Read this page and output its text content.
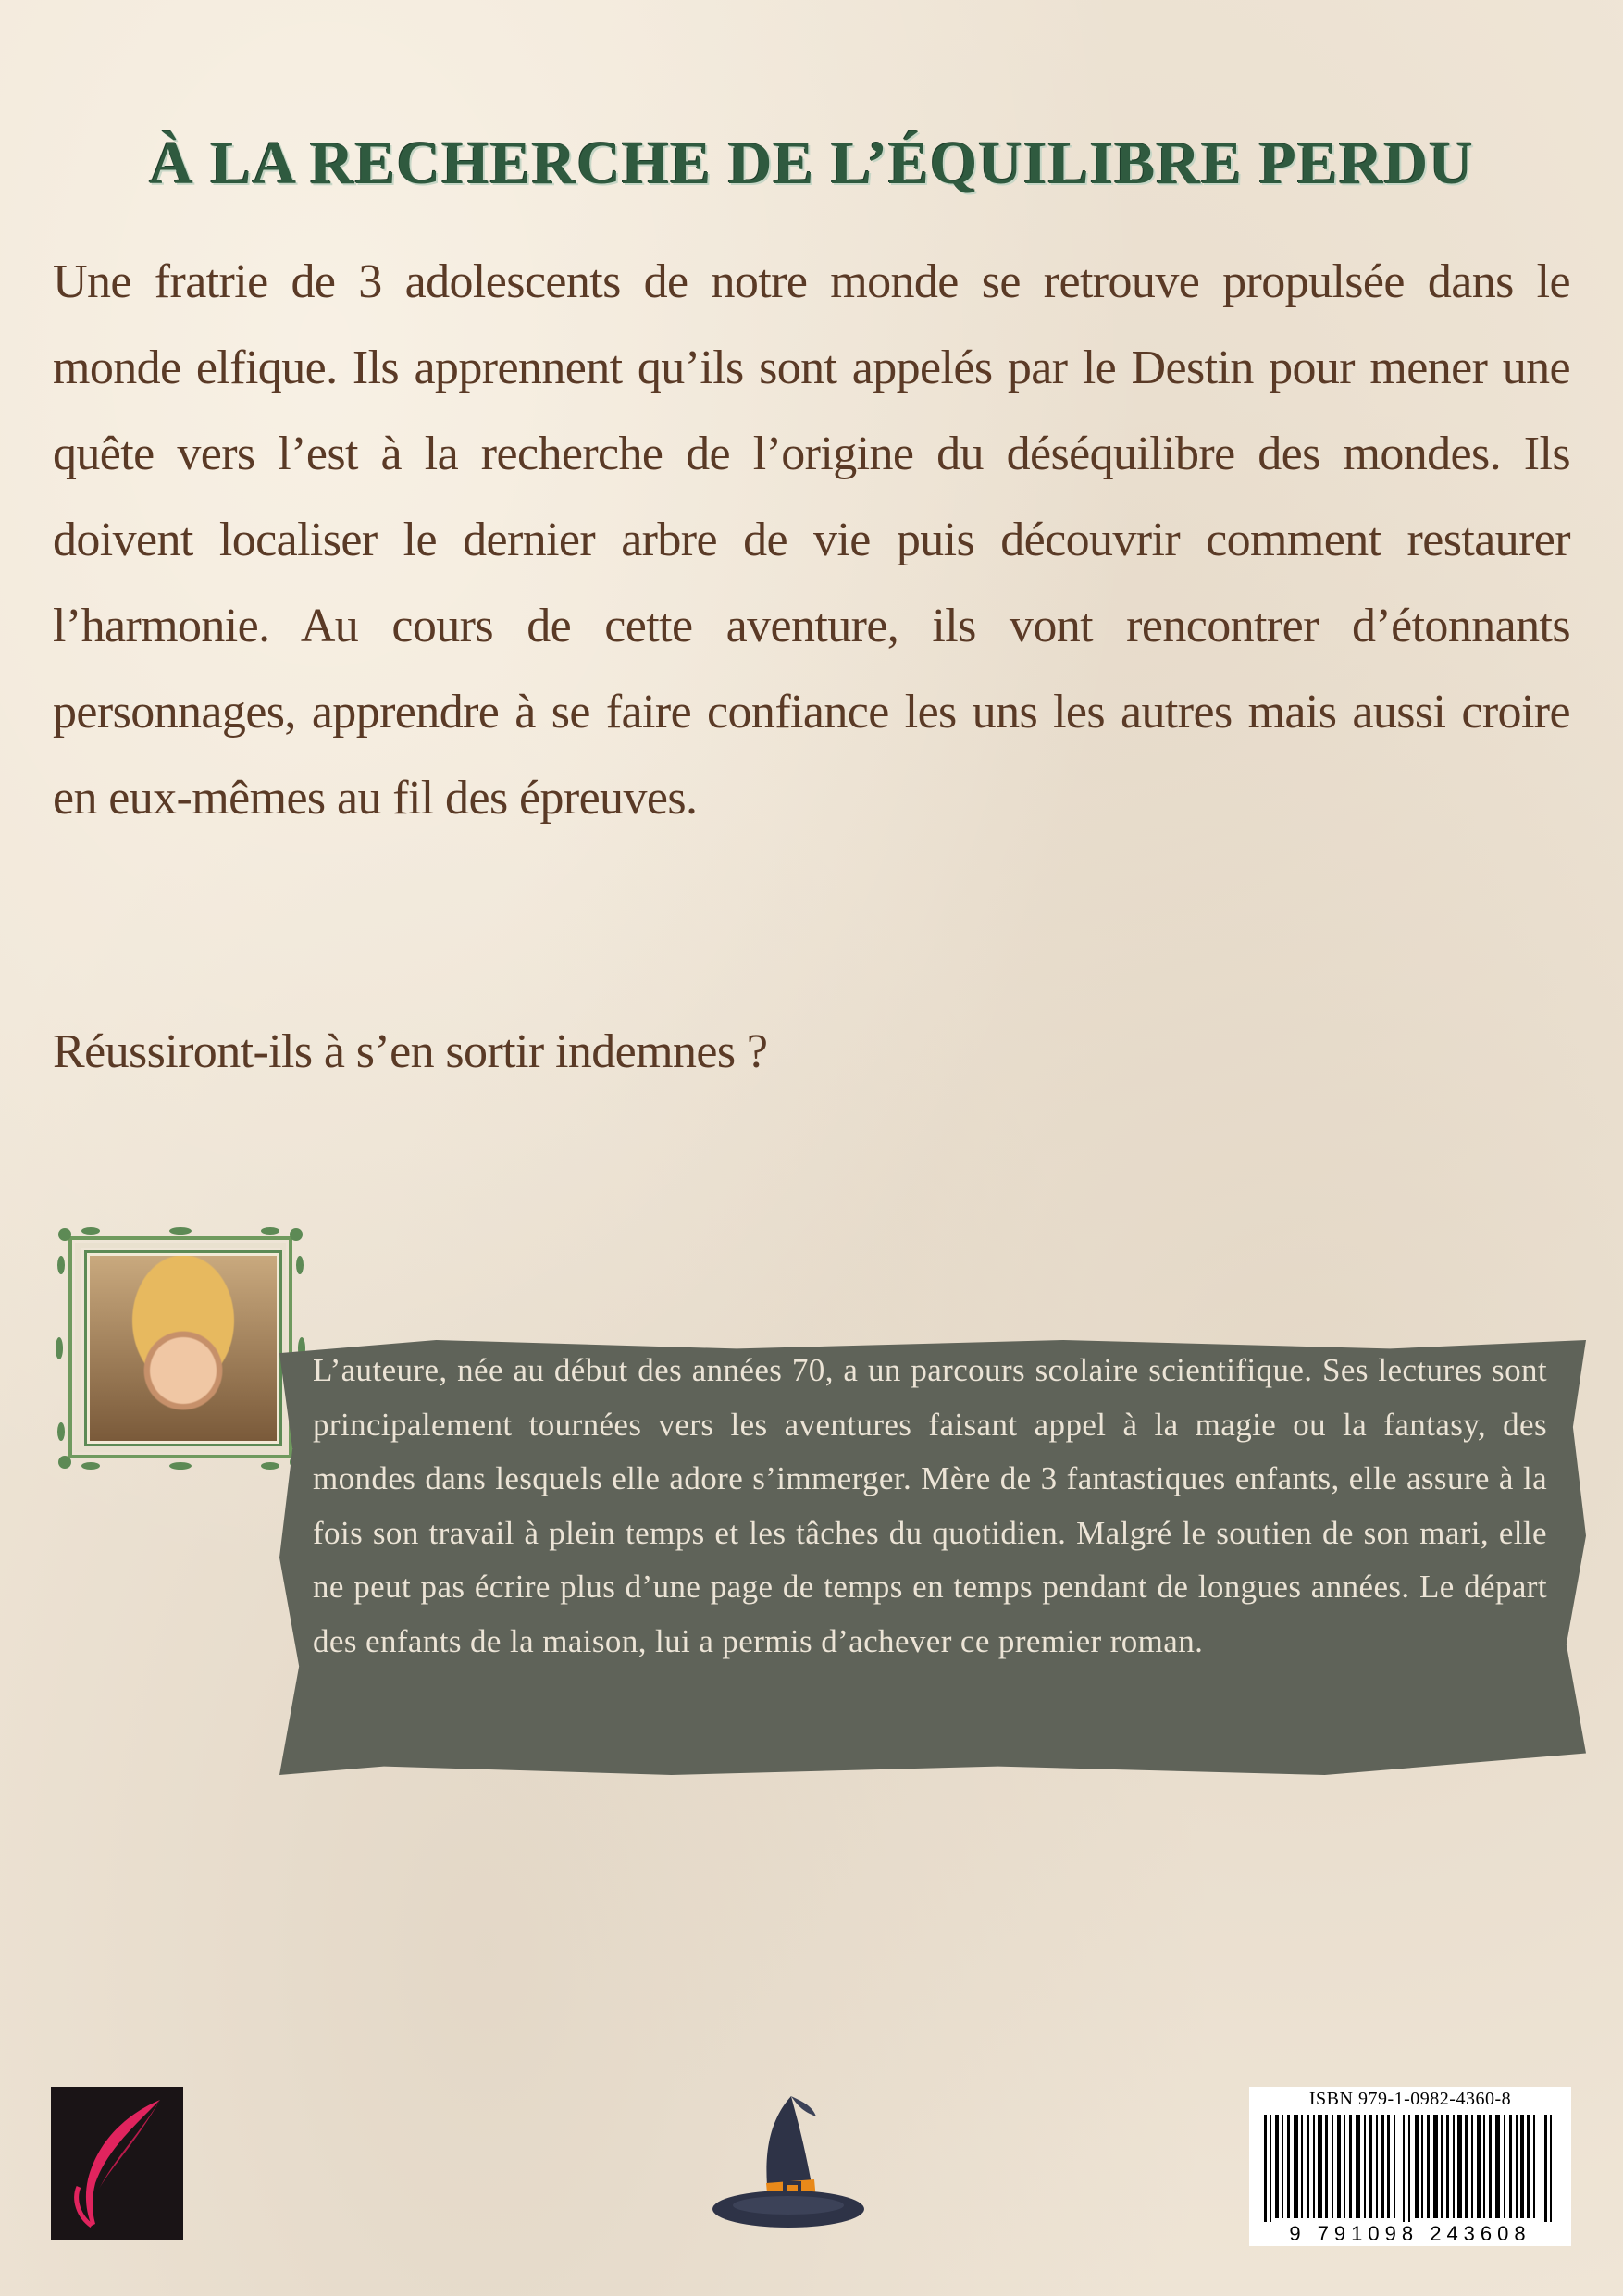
À LA RECHERCHE DE L’ÉQUILIBRE PERDU

Une fratrie de 3 adolescents de notre monde se retrouve propulsée dans le monde elfique. Ils apprennent qu’ils sont appelés par le Destin pour mener une quête vers l’est à la recherche de l’origine du déséquilibre des mondes. Ils doivent localiser le dernier arbre de vie puis découvrir comment restaurer l’harmonie. Au cours de cette aventure, ils vont rencontrer d’étonnants personnages, apprendre à se faire confiance les uns les autres mais aussi croire en eux-mêmes au fil des épreuves.

Réussiront-ils à s’en sortir indemnes ?

L’auteure, née au début des années 70, a un parcours scolaire scientifique. Ses lectures sont principalement tournées vers les aventures faisant appel à la magie ou la fantasy, des mondes dans lesquels elle adore s’immerger. Mère de 3 fantastiques enfants, elle assure à la fois son travail à plein temps et les tâches du quotidien. Malgré le soutien de son mari, elle ne peut pas écrire plus d’une page de temps en temps pendant de longues années. Le départ des enfants de la maison, lui a permis d’achever ce premier roman.

ISBN 979-1-0982-4360-8
9 791098 243608
